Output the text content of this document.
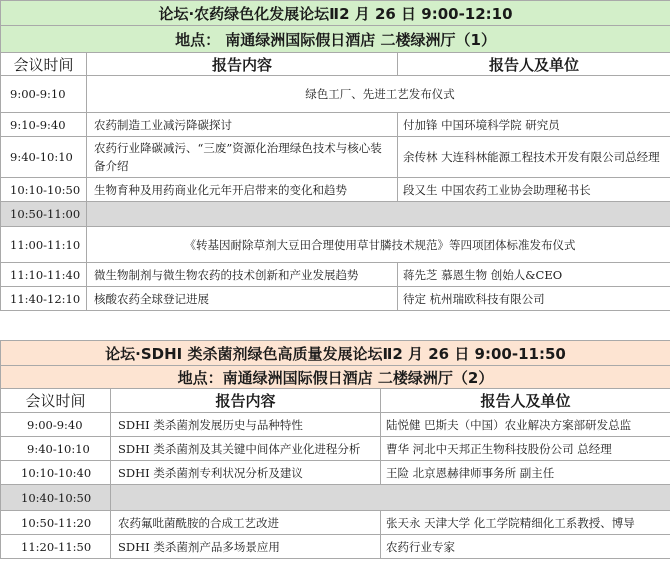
论坛·农药绿色化发展论坛Ⅱ2 月 26 日 9:00-12:10		
地点： 南通绿洲国际假日酒店 二楼绿洲厅（1）		
会议时间	报告内容	报告人及单位
9:00-9:10	绿色工厂、先进工艺发布仪式	
9:10-9:40	农药制造工业减污降碳探讨	付加锋 中国环境科学院 研究员
9:40-10:10	农药行业降碳减污、“三废”资源化治理绿色技术与核心装备介绍	余传林 大连科林能源工程技术开发有限公司总经理
10:10-10:50	生物育种及用药商业化元年开启带来的变化和趋势	段又生 中国农药工业协会助理秘书长
10:50-11:00		
11:00-11:10	《转基因耐除草剂大豆田合理使用草甘膦技术规范》等四项团体标准发布仪式	
11:10-11:40	微生物制剂与微生物农药的技术创新和产业发展趋势	蒋先芝 慕恩生物 创始人&CEO
11:40-12:10	核酸农药全球登记进展	待定 杭州瑞欧科技有限公司
论坛·SDHI 类杀菌剂绿色高质量发展论坛Ⅱ2 月 26 日 9:00-11:50		
地点：南通绿洲国际假日酒店 二楼绿洲厅（2）		
会议时间	报告内容	报告人及单位
9:00-9:40	SDHI 类杀菌剂发展历史与品种特性	陆悦健 巴斯夫（中国）农业解决方案部研发总监
9:40-10:10	SDHI 类杀菌剂及其关键中间体产业化进程分析	曹华 河北中天邦正生物科技股份公司 总经理
10:10-10:40	SDHI 类杀菌剂专利状况分析及建议	王险 北京恩赫律师事务所 副主任
10:40-10:50		
10:50-11:20	农药氟吡菌酰胺的合成工艺改进	张天永 天津大学 化工学院精细化工系教授、博导
11:20-11:50	SDHI 类杀菌剂产品多场景应用	农药行业专家
